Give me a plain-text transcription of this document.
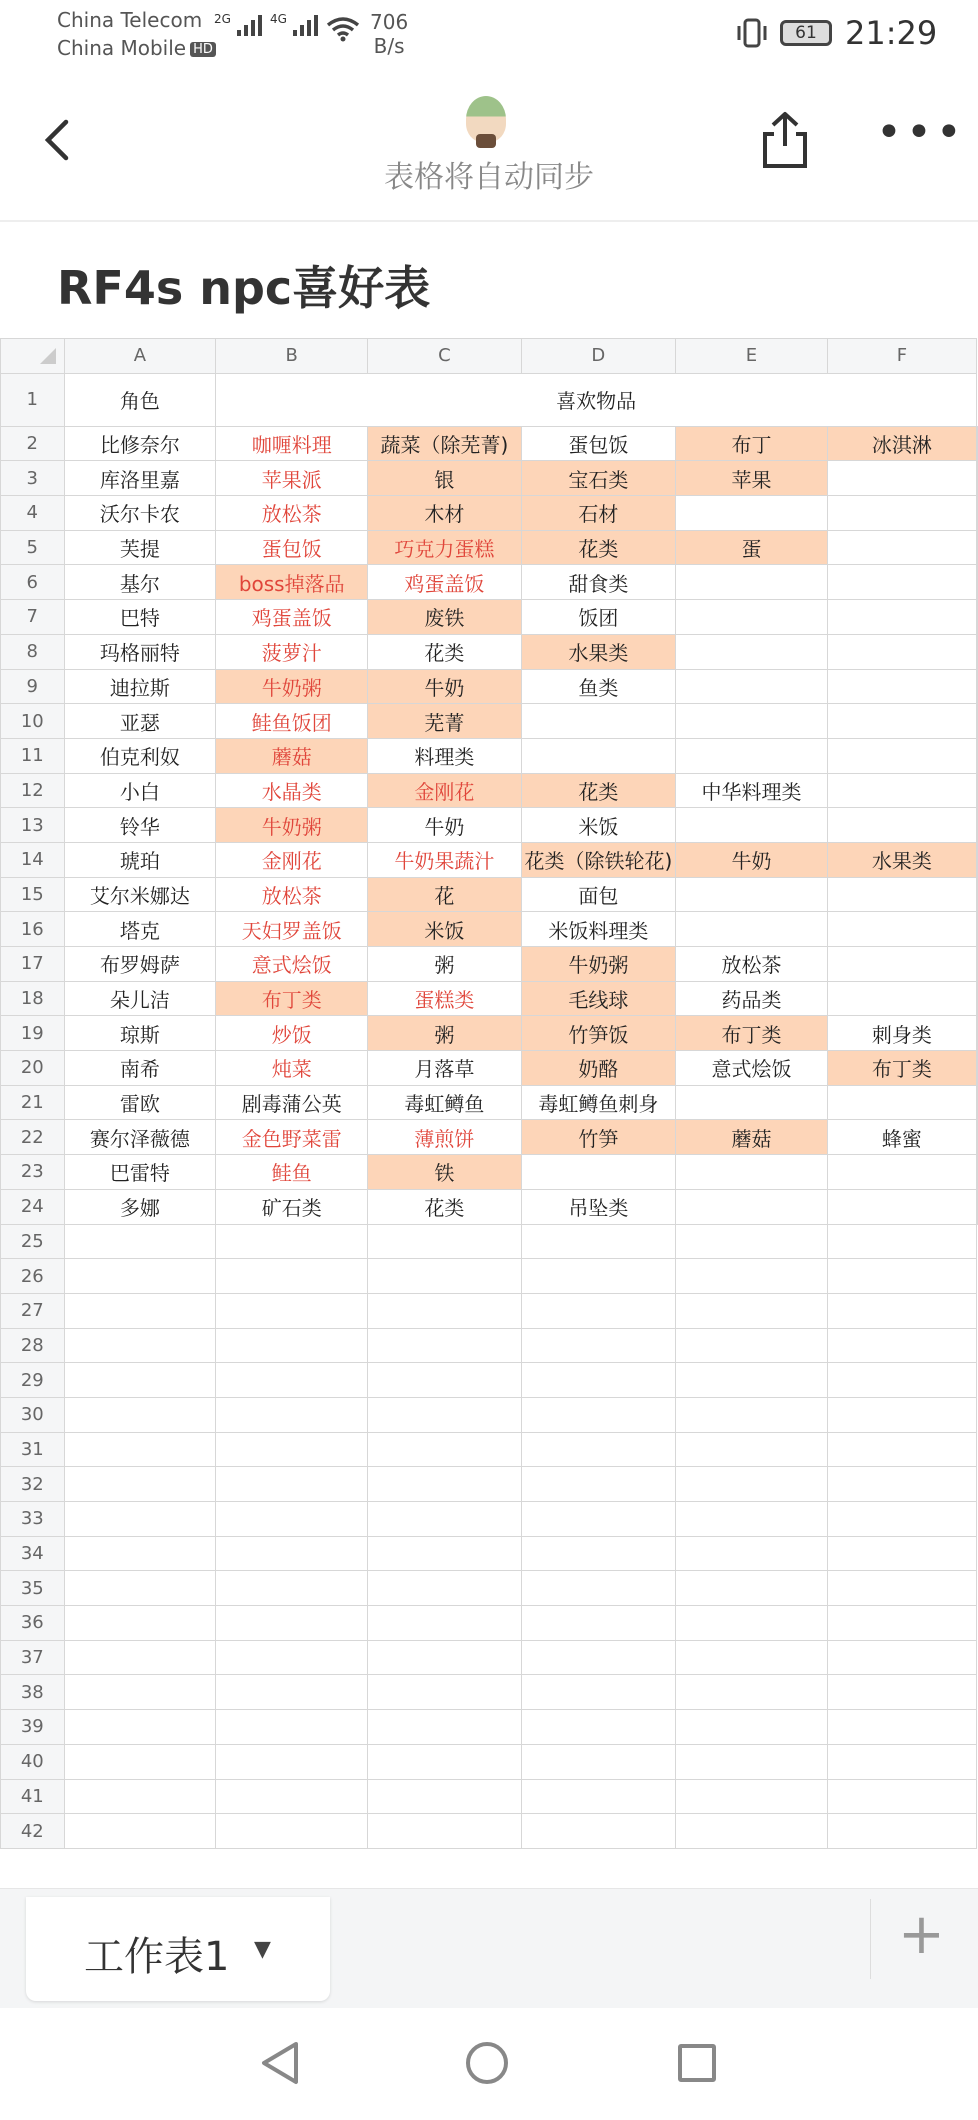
China Telecom
China Mobile HD
2G	4G	706
B/s
61 21:29
表格将自动同步
•••
RF4s npc喜好表
	A	B	C	D	E	F	
1	角色	喜欢物品					
2	比修奈尔	咖喱料理	蔬菜（除芜菁)	蛋包饭	布丁	冰淇淋	
3	库洛里嘉	苹果派	银	宝石类	苹果		
4	沃尔卡农	放松茶	木材	石材			
5	芙提	蛋包饭	巧克力蛋糕	花类	蛋		
6	基尔	boss掉落品	鸡蛋盖饭	甜食类			
7	巴特	鸡蛋盖饭	废铁	饭团			
8	玛格丽特	菠萝汁	花类	水果类			
9	迪拉斯	牛奶粥	牛奶	鱼类			
10	亚瑟	鲑鱼饭团	芜菁				
11	伯克利奴	蘑菇	料理类				
12	小白	水晶类	金刚花	花类	中华料理类		
13	铃华	牛奶粥	牛奶	米饭			
14	琥珀	金刚花	牛奶果蔬汁	花类（除铁轮花)	牛奶	水果类	
15	艾尔米娜达	放松茶	花	面包			
16	塔克	天妇罗盖饭	米饭	米饭料理类			
17	布罗姆萨	意式烩饭	粥	牛奶粥	放松茶		
18	朵儿洁	布丁类	蛋糕类	毛线球	药品类		
19	琼斯	炒饭	粥	竹笋饭	布丁类	刺身类	
20	南希	炖菜	月落草	奶酪	意式烩饭	布丁类	
21	雷欧	剧毒蒲公英	毒虹鳟鱼	毒虹鳟鱼刺身			
22	赛尔泽薇德	金色野菜雷	薄煎饼	竹笋	蘑菇	蜂蜜	
23	巴雷特	鲑鱼	铁				
24	多娜	矿石类	花类	吊坠类			
25							
26							
27							
28							
29							
30							
31							
32							
33							
34							
35							
36							
37							
38							
39							
40							
41							
42							
工作表1 ▼	+
